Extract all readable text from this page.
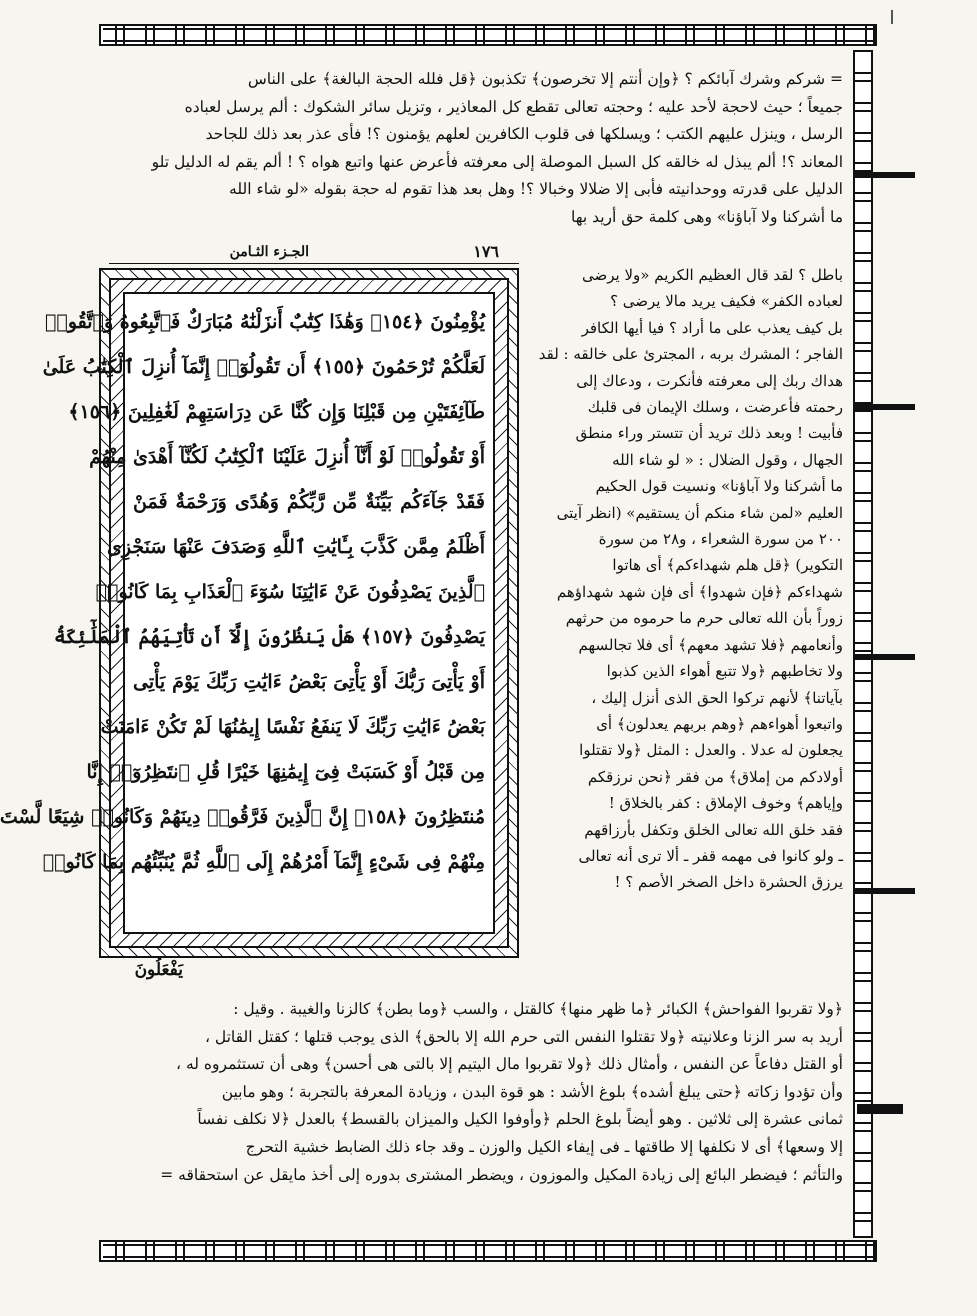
= شركم وشرك آبائكم ؟ ﴿وإن أنتم إلا تخرصون﴾ تكذبون ﴿قل فلله الحجة البالغة﴾ على الناس
جميعاً ؛ حيث لاحجة لأحد عليه ؛ وحجته تعالى تقطع كل المعاذير ، وتزيل سائر الشكوك : ألم يرسل لعباده
الرسل ، وينزل عليهم الكتب ؛ ويسلكها فى قلوب الكافرين لعلهم يؤمنون ؟! فأى عذر بعد ذلك للجاحد
المعاند ؟! ألم يبذل له خالقه كل السبل الموصلة إلى معرفته فأعرض عنها واتبع هواه ؟ ! ألم يقم له الدليل تلو
الدليل على قدرته ووحدانيته فأبى إلا ضلالا وخبالا ؟! وهل بعد هذا تقوم له حجة بقوله «لو شاء الله
ما أشركنا ولا آباؤنا» وهى كلمة حق أريد بها
الجـزء الثـامن	١٧٦
يُؤْمِنُونَ ﴿١٥٤﴾ وَهَٰذَا كِتَٰبٌ أَنزَلْنَٰهُ مُبَارَكٌ فَٱتَّبِعُوهُ وَٱتَّقُوا۟
لَعَلَّكُمْ تُرْحَمُونَ ﴿١٥٥﴾ أَن تَقُولُوٓا۟ إِنَّمَآ أُنزِلَ ٱلْكِتَٰبُ عَلَىٰ
طَآئِفَتَيْنِ مِن قَبْلِنَا وَإِن كُنَّا عَن دِرَاسَتِهِمْ لَغَٰفِلِينَ ﴿١٥٦﴾
أَوْ تَقُولُوا۟ لَوْ أَنَّآ أُنزِلَ عَلَيْنَا ٱلْكِتَٰبُ لَكُنَّآ أَهْدَىٰ مِنْهُمْ
فَقَدْ جَآءَكُم بَيِّنَةٌ مِّن رَّبِّكُمْ وَهُدًى وَرَحْمَةٌ فَمَنْ
أَظْلَمُ مِمَّن كَذَّبَ بِـَٔايَٰتِ ٱللَّهِ وَصَدَفَ عَنْهَا سَنَجْزِى
ٱلَّذِينَ يَصْدِفُونَ عَنْ ءَايَٰتِنَا سُوٓءَ ٱلْعَذَابِ بِمَا كَانُوا۟
يَصْدِفُونَ ﴿١٥٧﴾ هَلْ يَنظُرُونَ إِلَّآ أَن تَأْتِيَهُمُ ٱلْمَلَٰٓئِكَةُ
أَوْ يَأْتِىَ رَبُّكَ أَوْ يَأْتِىَ بَعْضُ ءَايَٰتِ رَبِّكَ يَوْمَ يَأْتِى
بَعْضُ ءَايَٰتِ رَبِّكَ لَا يَنفَعُ نَفْسًا إِيمَٰنُهَا لَمْ تَكُنْ ءَامَنَتْ
مِن قَبْلُ أَوْ كَسَبَتْ فِىٓ إِيمَٰنِهَا خَيْرًا قُلِ ٱنتَظِرُوٓا۟ إِنَّا
مُنتَظِرُونَ ﴿١٥٨﴾ إِنَّ ٱلَّذِينَ فَرَّقُوا۟ دِينَهُمْ وَكَانُوا۟ شِيَعًا لَّسْتَ
مِنْهُمْ فِى شَىْءٍ إِنَّمَآ أَمْرُهُمْ إِلَى ٱللَّهِ ثُمَّ يُنَبِّئُهُم بِمَا كَانُوا۟
يَفْعَلُونَ
باطل ؟ لقد قال العظيم الكريم «ولا يرضى
لعباده الكفر» فكيف يريد مالا يرضى ؟
بل كيف يعذب على ما أراد ؟ فيا أيها الكافر
الفاجر ؛ المشرك بربه ، المجترئ على خالقه : لقد
هداك ربك إلى معرفته فأنكرت ، ودعاك إلى
رحمته فأعرضت ، وسلك الإيمان فى قلبك
فأبيت ! وبعد ذلك تريد أن تتستر وراء منطق
الجهال ، وقول الضلال : « لو شاء الله
ما أشركنا ولا آباؤنا» ونسيت قول الحكيم
العليم «لمن شاء منكم أن يستقيم» (انظر آيتى
٢٠٠ من سورة الشعراء ، و٢٨ من سورة
التكوير) ﴿قل هلم شهداءكم﴾ أى هاتوا
شهداءكم ﴿فإن شهدوا﴾ أى فإن شهد شهداؤهم
زوراً بأن الله تعالى حرم ما حرموه من حرثهم
وأنعامهم ﴿فلا تشهد معهم﴾ أى فلا تجالسهم
ولا تخاطبهم ﴿ولا تتبع أهواء الذين كذبوا
بآياتنا﴾ لأنهم تركوا الحق الذى أنزل إليك ،
واتبعوا أهواءهم ﴿وهم بربهم يعدلون﴾ أى
يجعلون له عدلا . والعدل : المثل ﴿ولا تقتلوا
أولادكم من إملاق﴾ من فقر ﴿نحن نرزقكم
وإياهم﴾ وخوف الإملاق : كفر بالخلاق !
فقد خلق الله تعالى الخلق وتكفل بأرزاقهم
ـ ولو كانوا فى مهمه قفر ـ ألا ترى أنه تعالى
يرزق الحشرة داخل الصخر الأصم ؟ !
﴿ولا تقربوا الفواحش﴾ الكبائر ﴿ما ظهر منها﴾ كالقتل ، والسب ﴿وما بطن﴾ كالزنا والغيبة . وقيل :
أريد به سر الزنا وعلانيته ﴿ولا تقتلوا النفس التى حرم الله إلا بالحق﴾ الذى يوجب قتلها ؛ كقتل القاتل ،
أو القتل دفاعاً عن النفس ، وأمثال ذلك ﴿ولا تقربوا مال اليتيم إلا بالتى هى أحسن﴾ وهى أن تستثمروه له ،
وأن تؤدوا زكاته ﴿حتى يبلغ أشده﴾ بلوغ الأشد : هو قوة البدن ، وزيادة المعرفة بالتجربة ؛ وهو مابين
ثمانى عشرة إلى ثلاثين . وهو أيضاً بلوغ الحلم ﴿وأوفوا الكيل والميزان بالقسط﴾ بالعدل ﴿لا نكلف نفساً
إلا وسعها﴾ أى لا نكلفها إلا طاقتها ـ فى إيفاء الكيل والوزن ـ وقد جاء ذلك الضابط خشية التحرج
والتأثم ؛ فيضطر البائع إلى زيادة المكيل والموزون ، ويضطر المشترى بدوره إلى أخذ مايقل عن استحقاقه =
